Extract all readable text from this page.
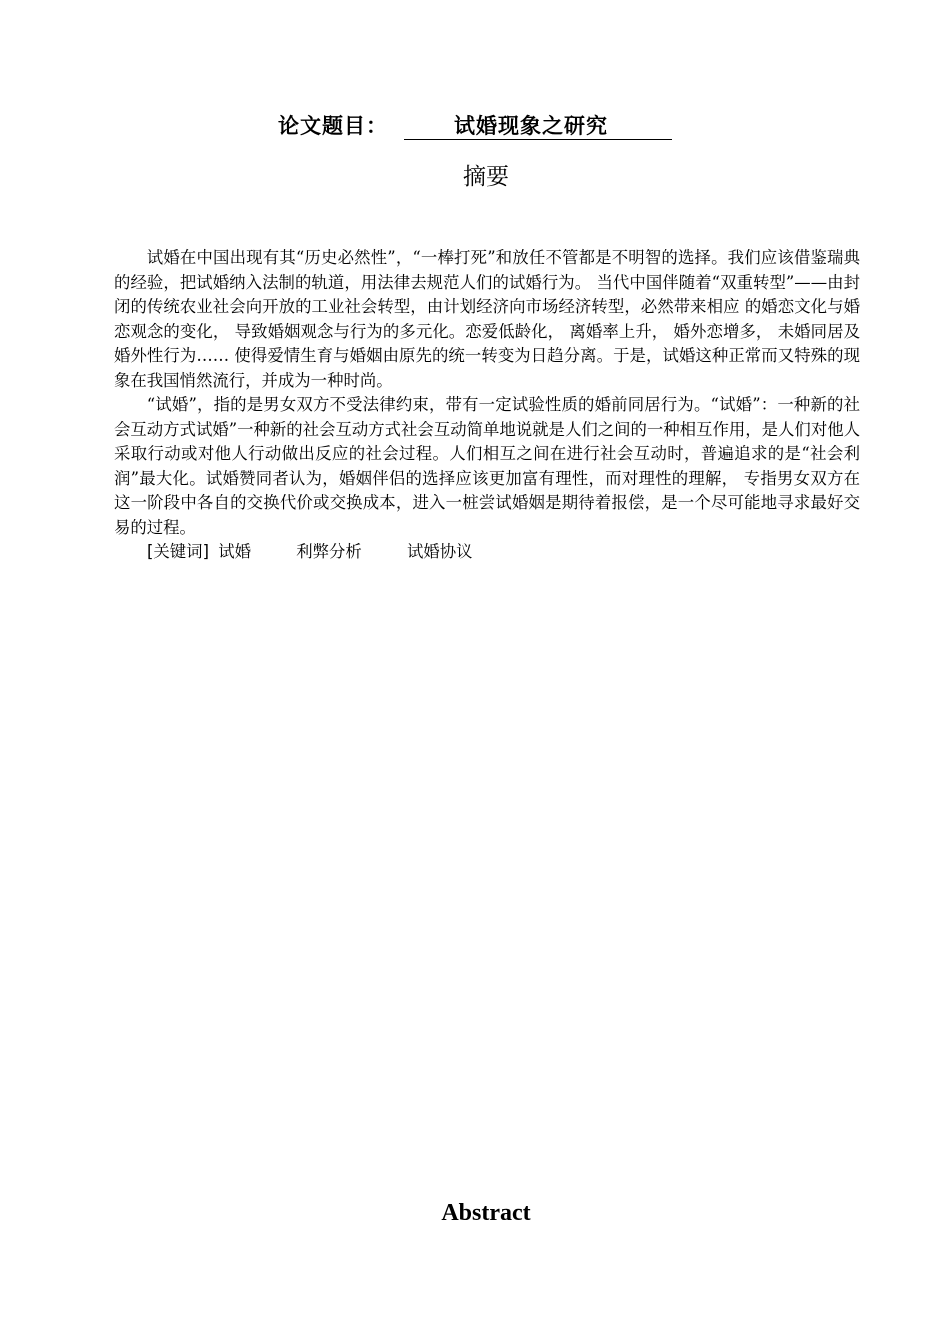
论文题目：	试婚现象之研究
摘要

试婚在中国出现有其“历史必然性”，“一棒打死”和放任不管都是不明智的选择。我们应该借鉴瑞典的经验，把试婚纳入法制的轨道，用法律去规范人们的试婚行为。 当代中国伴随着“双重转型”——由封闭的传统农业社会向开放的工业社会转型，由计划经济向市场经济转型，必然带来相应 的婚恋文化与婚恋观念的变化， 导致婚姻观念与行为的多元化。恋爱低龄化， 离婚率上升， 婚外恋增多， 未婚同居及婚外性行为…… 使得爱情生育与婚姻由原先的统一转变为日趋分离。于是，试婚这种正常而又特殊的现象在我国悄然流行，并成为一种时尚。

“试婚”，指的是男女双方不受法律约束，带有一定试验性质的婚前同居行为。“试婚”：一种新的社会互动方式试婚”一种新的社会互动方式社会互动简单地说就是人们之间的一种相互作用，是人们对他人采取行动或对他人行动做出反应的社会过程。人们相互之间在进行社会互动时，普遍追求的是“社会利润”最大化。试婚赞同者认为，婚姻伴侣的选择应该更加富有理性，而对理性的理解， 专指男女双方在这一阶段中各自的交换代价或交换成本，进入一桩尝试婚姻是期待着报偿，是一个尽可能地寻求最好交易的过程。

[关键词] 试婚	利弊分析	试婚协议
Abstract
